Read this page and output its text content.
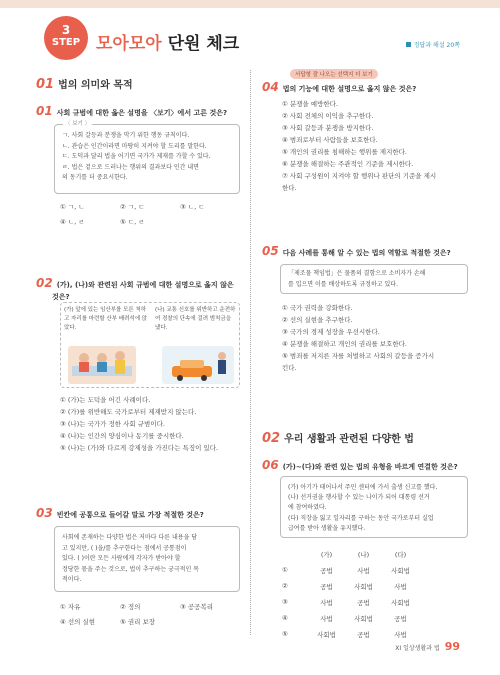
3
STEP 모아모아 단원 체크	정답과 해설 20쪽
01 법의 의미와 목적
01 사회 규범에 대한 옳은 설명을 〈보기〉에서 고른 것은?
〈 보기 〉
ㄱ. 사회 갈등과 분쟁을 막기 위한 행동 규칙이다.
ㄴ. 관습은 인간이라면 마땅히 지켜야 할 도리를 말한다.
ㄷ. 도덕과 달리 법을 어기면 국가가 제재를 가할 수 있다.
ㄹ. 법은 겉으로 드러나는 행위의 결과보다 인간 내면
의 동기를 더 중요시한다.
① ㄱ, ㄴ	② ㄱ, ㄷ	③ ㄴ, ㄷ
④ ㄴ, ㄹ	⑤ ㄷ, ㄹ
02 (가), (나)와 관련된 사회 규범에 대한 설명으로 옳지 않은
것은?
(가) 앞에 있는 임산부를 모른 척하고 자리를 마련할 산부 배려석에 앉았다.
(나) 교통 신호를 위반하고 운전하여 경찰의 단속에 걸려 범칙금을 냈다.
① (가)는 도덕을 어긴 사례이다.
② (가)를 위반해도 국가로부터 제재받지 않는다.
③ (나)는 국가가 정한 사회 규범이다.
④ (나)는 인간의 양심이나 동기를 중시한다.
⑤ (나)는 (가)와 다르게 강제성을 가진다는 특징이 있다.
03 빈칸에 공통으로 들어갈 말로 가장 적절한 것은?
사회에 존재하는 다양한 법은 저마다 다른 내용을 담
고 있지만, ( )을/를 추구한다는 점에서 공통점이
있다. ( )이란 모든 사람에게 각자가 받아야 할
정당한 몫을 주는 것으로, 법이 추구하는 궁극적인 목
적이다.
① 자유	② 정의	③ 공공복리
④ 선의 실현	⑤ 권리 보장
서답형 잘 나오는 선택지 더 보기
04 법의 기능에 대한 설명으로 옳지 않은 것은?
① 분쟁을 예방한다.
② 사회 전체의 이익을 추구한다.
③ 사회 갈등과 분쟁을 방지한다.
④ 범죄로부터 사람들을 보호한다.
⑤ 개인의 권리를 침해하는 행위를 제지한다.
⑥ 분쟁을 해결하는 주관적인 기준을 제시한다.
⑦ 사회 구성원이 지켜야 할 행위나 판단의 기준을 제시
한다.
05 다음 사례를 통해 알 수 있는 법의 역할로 적절한 것은?
「제조물 책임법」은 물품의 결함으로 소비자가 손해
를 입으면 이를 배상하도록 규정하고 있다.
① 국가 권력을 강화한다.
② 선의 실현을 추구한다.
③ 국가의 경제 성장을 우선시한다.
④ 분쟁을 해결하고 개인의 권리를 보호한다.
⑤ 범죄를 저지른 자를 처벌하고 사회의 갈등을 증가시
킨다.
02 우리 생활과 관련된 다양한 법
06 (가)~(다)와 관련 있는 법의 유형을 바르게 연결한 것은?
(가) 아기가 태어나서 주민 센터에 가서 출생 신고를 했다.
(나) 선거권을 행사할 수 있는 나이가 되어 대통령 선거
에 참여하였다.
(다) 직장을 잃고 일자리를 구하는 동안 국가로부터 실업
급여를 받아 생활을 유지했다.
(가)	(나)	(다)
①	공법	사법	사회법
②	공법	사회법	사법
③	사법	공법	사회법
④	사법	사회법	공법
⑤	사회법	공법	사법
XI 일상생활과 법 99
